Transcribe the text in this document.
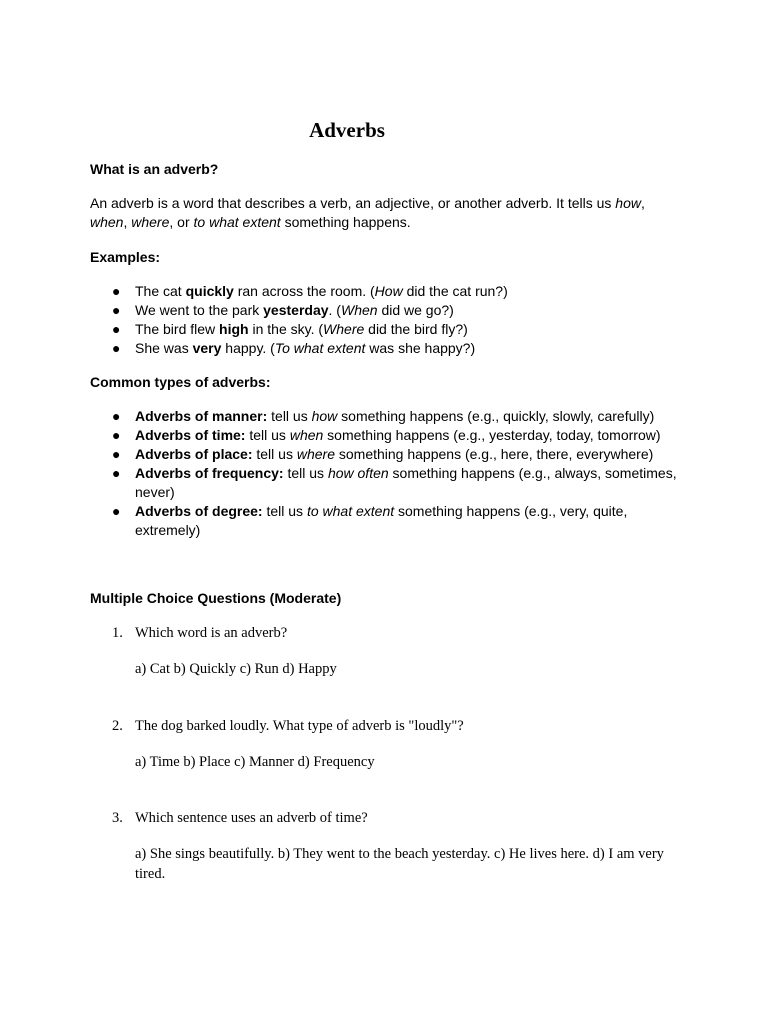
Adverbs
What is an adverb?
An adverb is a word that describes a verb, an adjective, or another adverb. It tells us how,
when, where, or to what extent something happens.
Examples:
● The cat quickly ran across the room. (How did the cat run?)
● We went to the park yesterday. (When did we go?)
● The bird flew high in the sky. (Where did the bird fly?)
● She was very happy. (To what extent was she happy?)
Common types of adverbs:
● Adverbs of manner: tell us how something happens (e.g., quickly, slowly, carefully)
● Adverbs of time: tell us when something happens (e.g., yesterday, today, tomorrow)
● Adverbs of place: tell us where something happens (e.g., here, there, everywhere)
● Adverbs of frequency: tell us how often something happens (e.g., always, sometimes, never)
● Adverbs of degree: tell us to what extent something happens (e.g., very, quite, extremely)
Multiple Choice Questions (Moderate)
1. Which word is an adverb?
a) Cat b) Quickly c) Run d) Happy
2. The dog barked loudly. What type of adverb is "loudly"?
a) Time b) Place c) Manner d) Frequency
3. Which sentence uses an adverb of time?
a) She sings beautifully. b) They went to the beach yesterday. c) He lives here. d) I am very tired.
